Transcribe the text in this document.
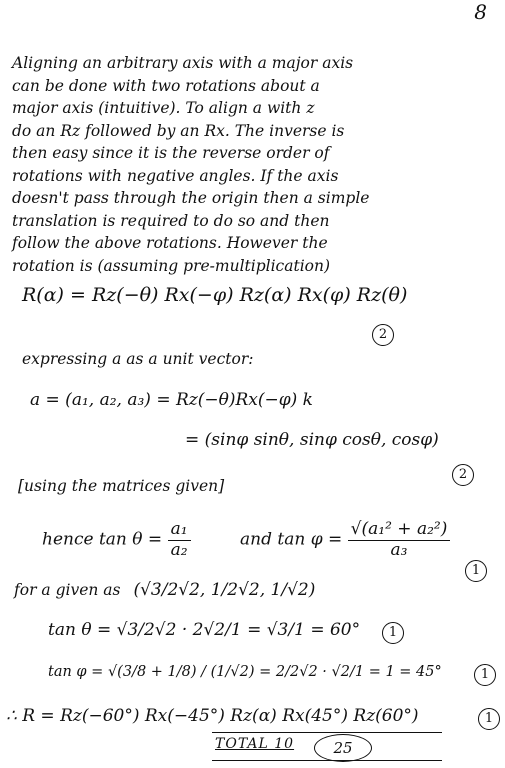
8
Aligning an arbitrary axis with a major axis
can be done with two rotations about a
major axis (intuitive). To align a with z
do an Rz followed by an Rx. The inverse is
then easy since it is the reverse order of
rotations with negative angles. If the axis
doesn't pass through the origin then a simple
translation is required to do so and then
follow the above rotations. However the
rotation is (assuming pre-multiplication)
R(α) = Rz(−θ) Rx(−φ) Rz(α) Rx(φ) Rz(θ)
2
expressing a as a unit vector:
a = (a₁, a₂, a₃) = Rz(−θ)Rx(−φ) k
= (sinφ sinθ, sinφ cosθ, cosφ)
2
[using the matrices given]
hence $\tan \theta = \frac{\text{a₁}}{\text{a₂}}$	and $\tan \varphi = \frac{\text{√(a₁² + a₂²)}}{\text{a₃}}$
1
for a given as (√3/2√2, 1/2√2, 1/√2)
tan θ = √3/2√2 · 2√2/1 = √3/1 = 60°	1
tan φ = √(3/8 + 1/8) / (1/√2) = 2/2√2 · √2/1 = 1 = 45°	1
∴ R = Rz(−60°) Rx(−45°) Rz(α) Rx(45°) Rz(60°)	1
TOTAL 10	25
